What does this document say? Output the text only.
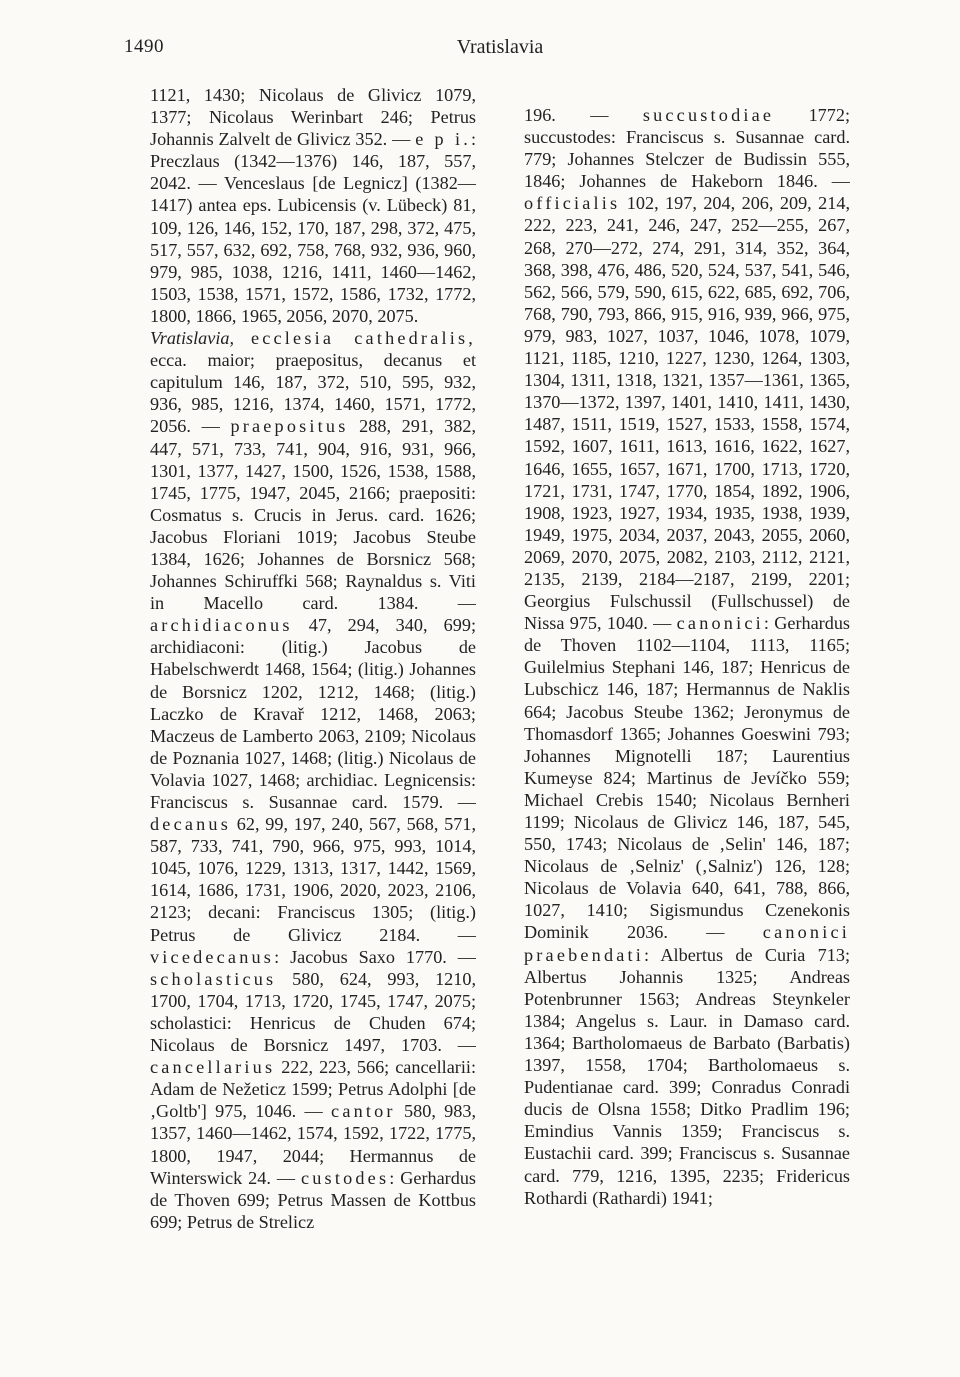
1490	Vratislavia

1121, 1430; Nicolaus de Glivicz 1079, 1377; Nicolaus Werinbart 246; Petrus Johannis Zalvelt de Glivicz 352. — e p i.: Preczlaus (1342—1376) 146, 187, 557, 2042. — Venceslaus [de Legnicz] (1382—1417) antea eps. Lubicensis (v. Lübeck) 81, 109, 126, 146, 152, 170, 187, 298, 372, 475, 517, 557, 632, 692, 758, 768, 932, 936, 960, 979, 985, 1038, 1216, 1411, 1460—1462, 1503, 1538, 1571, 1572, 1586, 1732, 1772, 1800, 1866, 1965, 2056, 2070, 2075.

Vratislavia, ecclesia cathedralis, ecca. maior; praepositus, decanus et capitulum 146, 187, 372, 510, 595, 932, 936, 985, 1216, 1374, 1460, 1571, 1772, 2056. — praepositus 288, 291, 382, 447, 571, 733, 741, 904, 916, 931, 966, 1301, 1377, 1427, 1500, 1526, 1538, 1588, 1745, 1775, 1947, 2045, 2166; praepositi: Cosmatus s. Crucis in Jerus. card. 1626; Jacobus Floriani 1019; Jacobus Steube 1384, 1626; Johannes de Borsnicz 568; Johannes Schiruffki 568; Raynaldus s. Viti in Macello card. 1384. — archidiaconus 47, 294, 340, 699; archidiaconi: (litig.) Jacobus de Habelschwerdt 1468, 1564; (litig.) Johannes de Borsnicz 1202, 1212, 1468; (litig.) Laczko de Kravař 1212, 1468, 2063; Maczeus de Lamberto 2063, 2109; Nicolaus de Poznania 1027, 1468; (litig.) Nicolaus de Volavia 1027, 1468; archidiac. Legnicensis: Franciscus s. Susannae card. 1579. — decanus 62, 99, 197, 240, 567, 568, 571, 587, 733, 741, 790, 966, 975, 993, 1014, 1045, 1076, 1229, 1313, 1317, 1442, 1569, 1614, 1686, 1731, 1906, 2020, 2023, 2106, 2123; decani: Franciscus 1305; (litig.) Petrus de Glivicz 2184. — vicedecanus: Jacobus Saxo 1770. — scholasticus 580, 624, 993, 1210, 1700, 1704, 1713, 1720, 1745, 1747, 2075; scholastici: Henricus de Chuden 674; Nicolaus de Borsnicz 1497, 1703. — cancellarius 222, 223, 566; cancellarii: Adam de Nežeticz 1599; Petrus Adolphi [de ‚Goltb'] 975, 1046. — cantor 580, 983, 1357, 1460—1462, 1574, 1592, 1722, 1775, 1800, 1947, 2044; Hermannus de Winterswick 24. — custodes: Gerhardus de Thoven 699; Petrus Massen de Kottbus 699; Petrus de Strelicz

196. — succustodiae 1772; succustodes: Franciscus s. Susannae card. 779; Johannes Stelczer de Budissin 555, 1846; Johannes de Hakeborn 1846. — officialis 102, 197, 204, 206, 209, 214, 222, 223, 241, 246, 247, 252—255, 267, 268, 270—272, 274, 291, 314, 352, 364, 368, 398, 476, 486, 520, 524, 537, 541, 546, 562, 566, 579, 590, 615, 622, 685, 692, 706, 768, 790, 793, 866, 915, 916, 939, 966, 975, 979, 983, 1027, 1037, 1046, 1078, 1079, 1121, 1185, 1210, 1227, 1230, 1264, 1303, 1304, 1311, 1318, 1321, 1357—1361, 1365, 1370—1372, 1397, 1401, 1410, 1411, 1430, 1487, 1511, 1519, 1527, 1533, 1558, 1574, 1592, 1607, 1611, 1613, 1616, 1622, 1627, 1646, 1655, 1657, 1671, 1700, 1713, 1720, 1721, 1731, 1747, 1770, 1854, 1892, 1906, 1908, 1923, 1927, 1934, 1935, 1938, 1939, 1949, 1975, 2034, 2037, 2043, 2055, 2060, 2069, 2070, 2075, 2082, 2103, 2112, 2121, 2135, 2139, 2184—2187, 2199, 2201; Georgius Fulschussil (Fullschussel) de Nissa 975, 1040. — canonici: Gerhardus de Thoven 1102—1104, 1113, 1165; Guilelmius Stephani 146, 187; Henricus de Lubschicz 146, 187; Hermannus de Naklis 664; Jacobus Steube 1362; Jeronymus de Thomasdorf 1365; Johannes Goeswini 793; Johannes Mignotelli 187; Laurentius Kumeyse 824; Martinus de Jevíčko 559; Michael Crebis 1540; Nicolaus Bernheri 1199; Nicolaus de Glivicz 146, 187, 545, 550, 1743; Nicolaus de ‚Selin' 146, 187; Nicolaus de ‚Selniz' (‚Salniz') 126, 128; Nicolaus de Volavia 640, 641, 788, 866, 1027, 1410; Sigismundus Czenekonis Dominik 2036. — canonici praebendati: Albertus de Curia 713; Albertus Johannis 1325; Andreas Potenbrunner 1563; Andreas Steynkeler 1384; Angelus s. Laur. in Damaso card. 1364; Bartholomaeus de Barbato (Barbatis) 1397, 1558, 1704; Bartholomaeus s. Pudentianae card. 399; Conradus Conradi ducis de Olsna 1558; Ditko Pradlim 196; Emindius Vannis 1359; Franciscus s. Eustachii card. 399; Franciscus s. Susannae card. 779, 1216, 1395, 2235; Fridericus Rothardi (Rathardi) 1941;
